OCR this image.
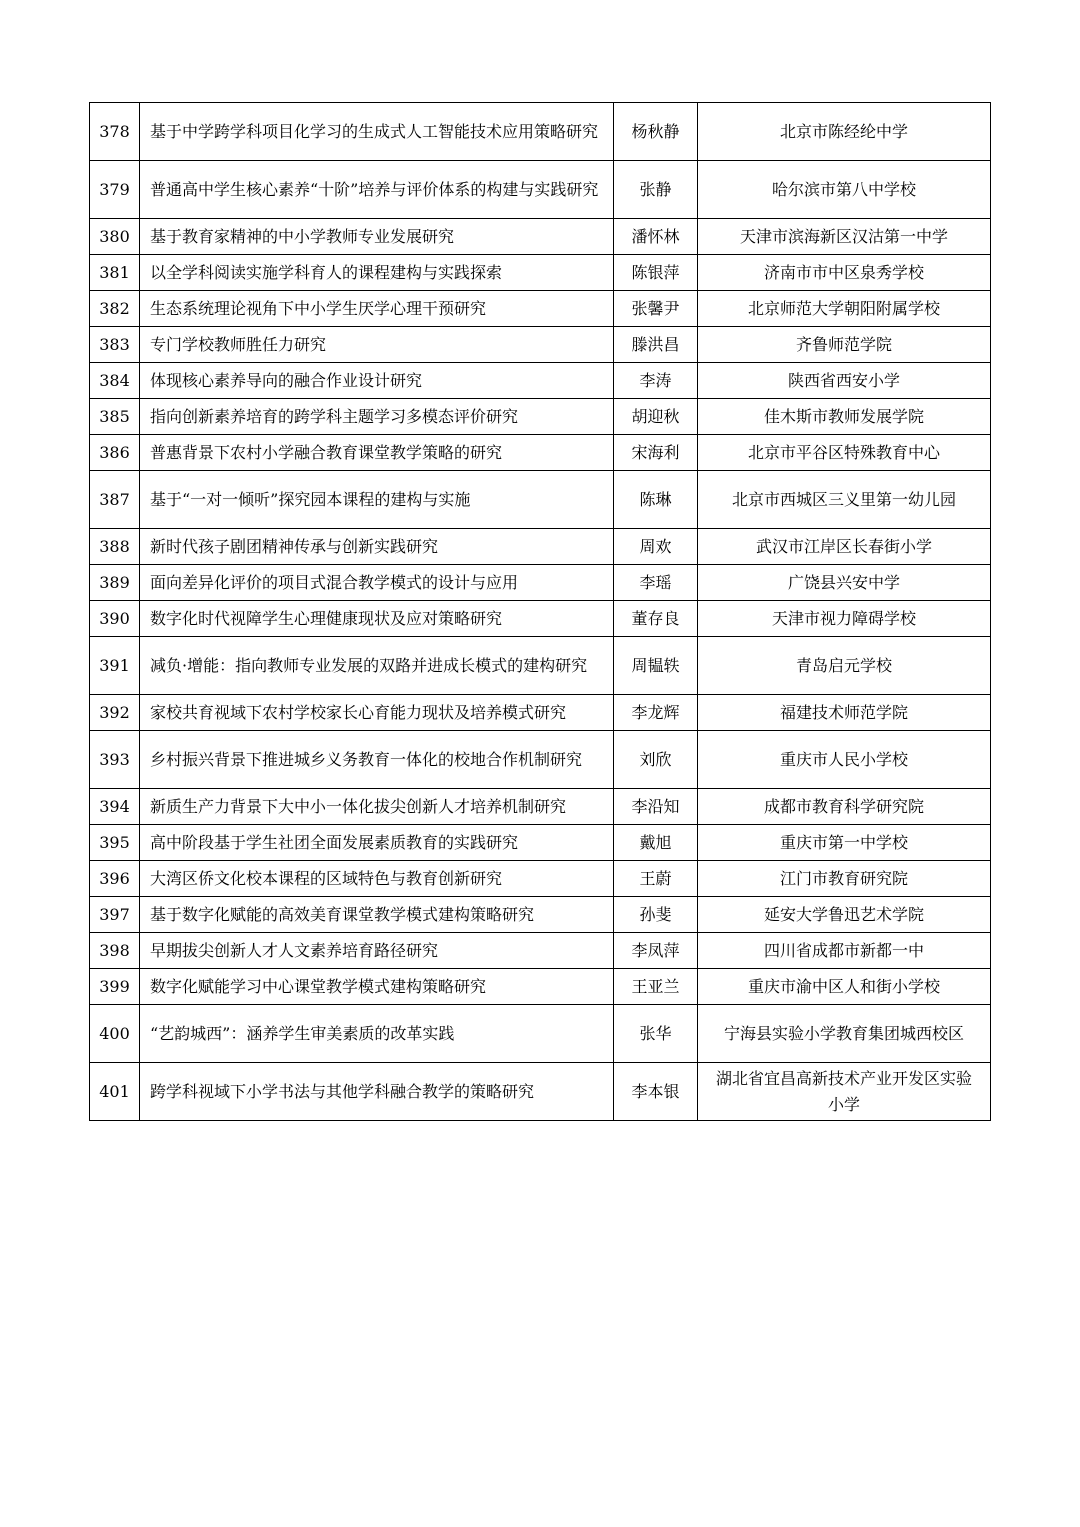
378	基于中学跨学科项目化学习的生成式人工智能技术应用策略研究	杨秋静	北京市陈经纶中学
379	普通高中学生核心素养“十阶”培养与评价体系的构建与实践研究	张静	哈尔滨市第八中学校
380	基于教育家精神的中小学教师专业发展研究	潘怀林	天津市滨海新区汉沽第一中学
381	以全学科阅读实施学科育人的课程建构与实践探索	陈银萍	济南市市中区泉秀学校
382	生态系统理论视角下中小学生厌学心理干预研究	张馨尹	北京师范大学朝阳附属学校
383	专门学校教师胜任力研究	滕洪昌	齐鲁师范学院
384	体现核心素养导向的融合作业设计研究	李涛	陕西省西安小学
385	指向创新素养培育的跨学科主题学习多模态评价研究	胡迎秋	佳木斯市教师发展学院
386	普惠背景下农村小学融合教育课堂教学策略的研究	宋海利	北京市平谷区特殊教育中心
387	基于“一对一倾听”探究园本课程的建构与实施	陈琳	北京市西城区三义里第一幼儿园
388	新时代孩子剧团精神传承与创新实践研究	周欢	武汉市江岸区长春街小学
389	面向差异化评价的项目式混合教学模式的设计与应用	李瑶	广饶县兴安中学
390	数字化时代视障学生心理健康现状及应对策略研究	董存良	天津市视力障碍学校
391	减负·增能：指向教师专业发展的双路并进成长模式的建构研究	周韫轶	青岛启元学校
392	家校共育视域下农村学校家长心育能力现状及培养模式研究	李龙辉	福建技术师范学院
393	乡村振兴背景下推进城乡义务教育一体化的校地合作机制研究	刘欣	重庆市人民小学校
394	新质生产力背景下大中小一体化拔尖创新人才培养机制研究	李沿知	成都市教育科学研究院
395	高中阶段基于学生社团全面发展素质教育的实践研究	戴旭	重庆市第一中学校
396	大湾区侨文化校本课程的区域特色与教育创新研究	王蔚	江门市教育研究院
397	基于数字化赋能的高效美育课堂教学模式建构策略研究	孙斐	延安大学鲁迅艺术学院
398	早期拔尖创新人才人文素养培育路径研究	李凤萍	四川省成都市新都一中
399	数字化赋能学习中心课堂教学模式建构策略研究	王亚兰	重庆市渝中区人和街小学校
400	“艺韵城西”：涵养学生审美素质的改革实践	张华	宁海县实验小学教育集团城西校区
401	跨学科视域下小学书法与其他学科融合教学的策略研究	李本银	湖北省宜昌高新技术产业开发区实验小学
